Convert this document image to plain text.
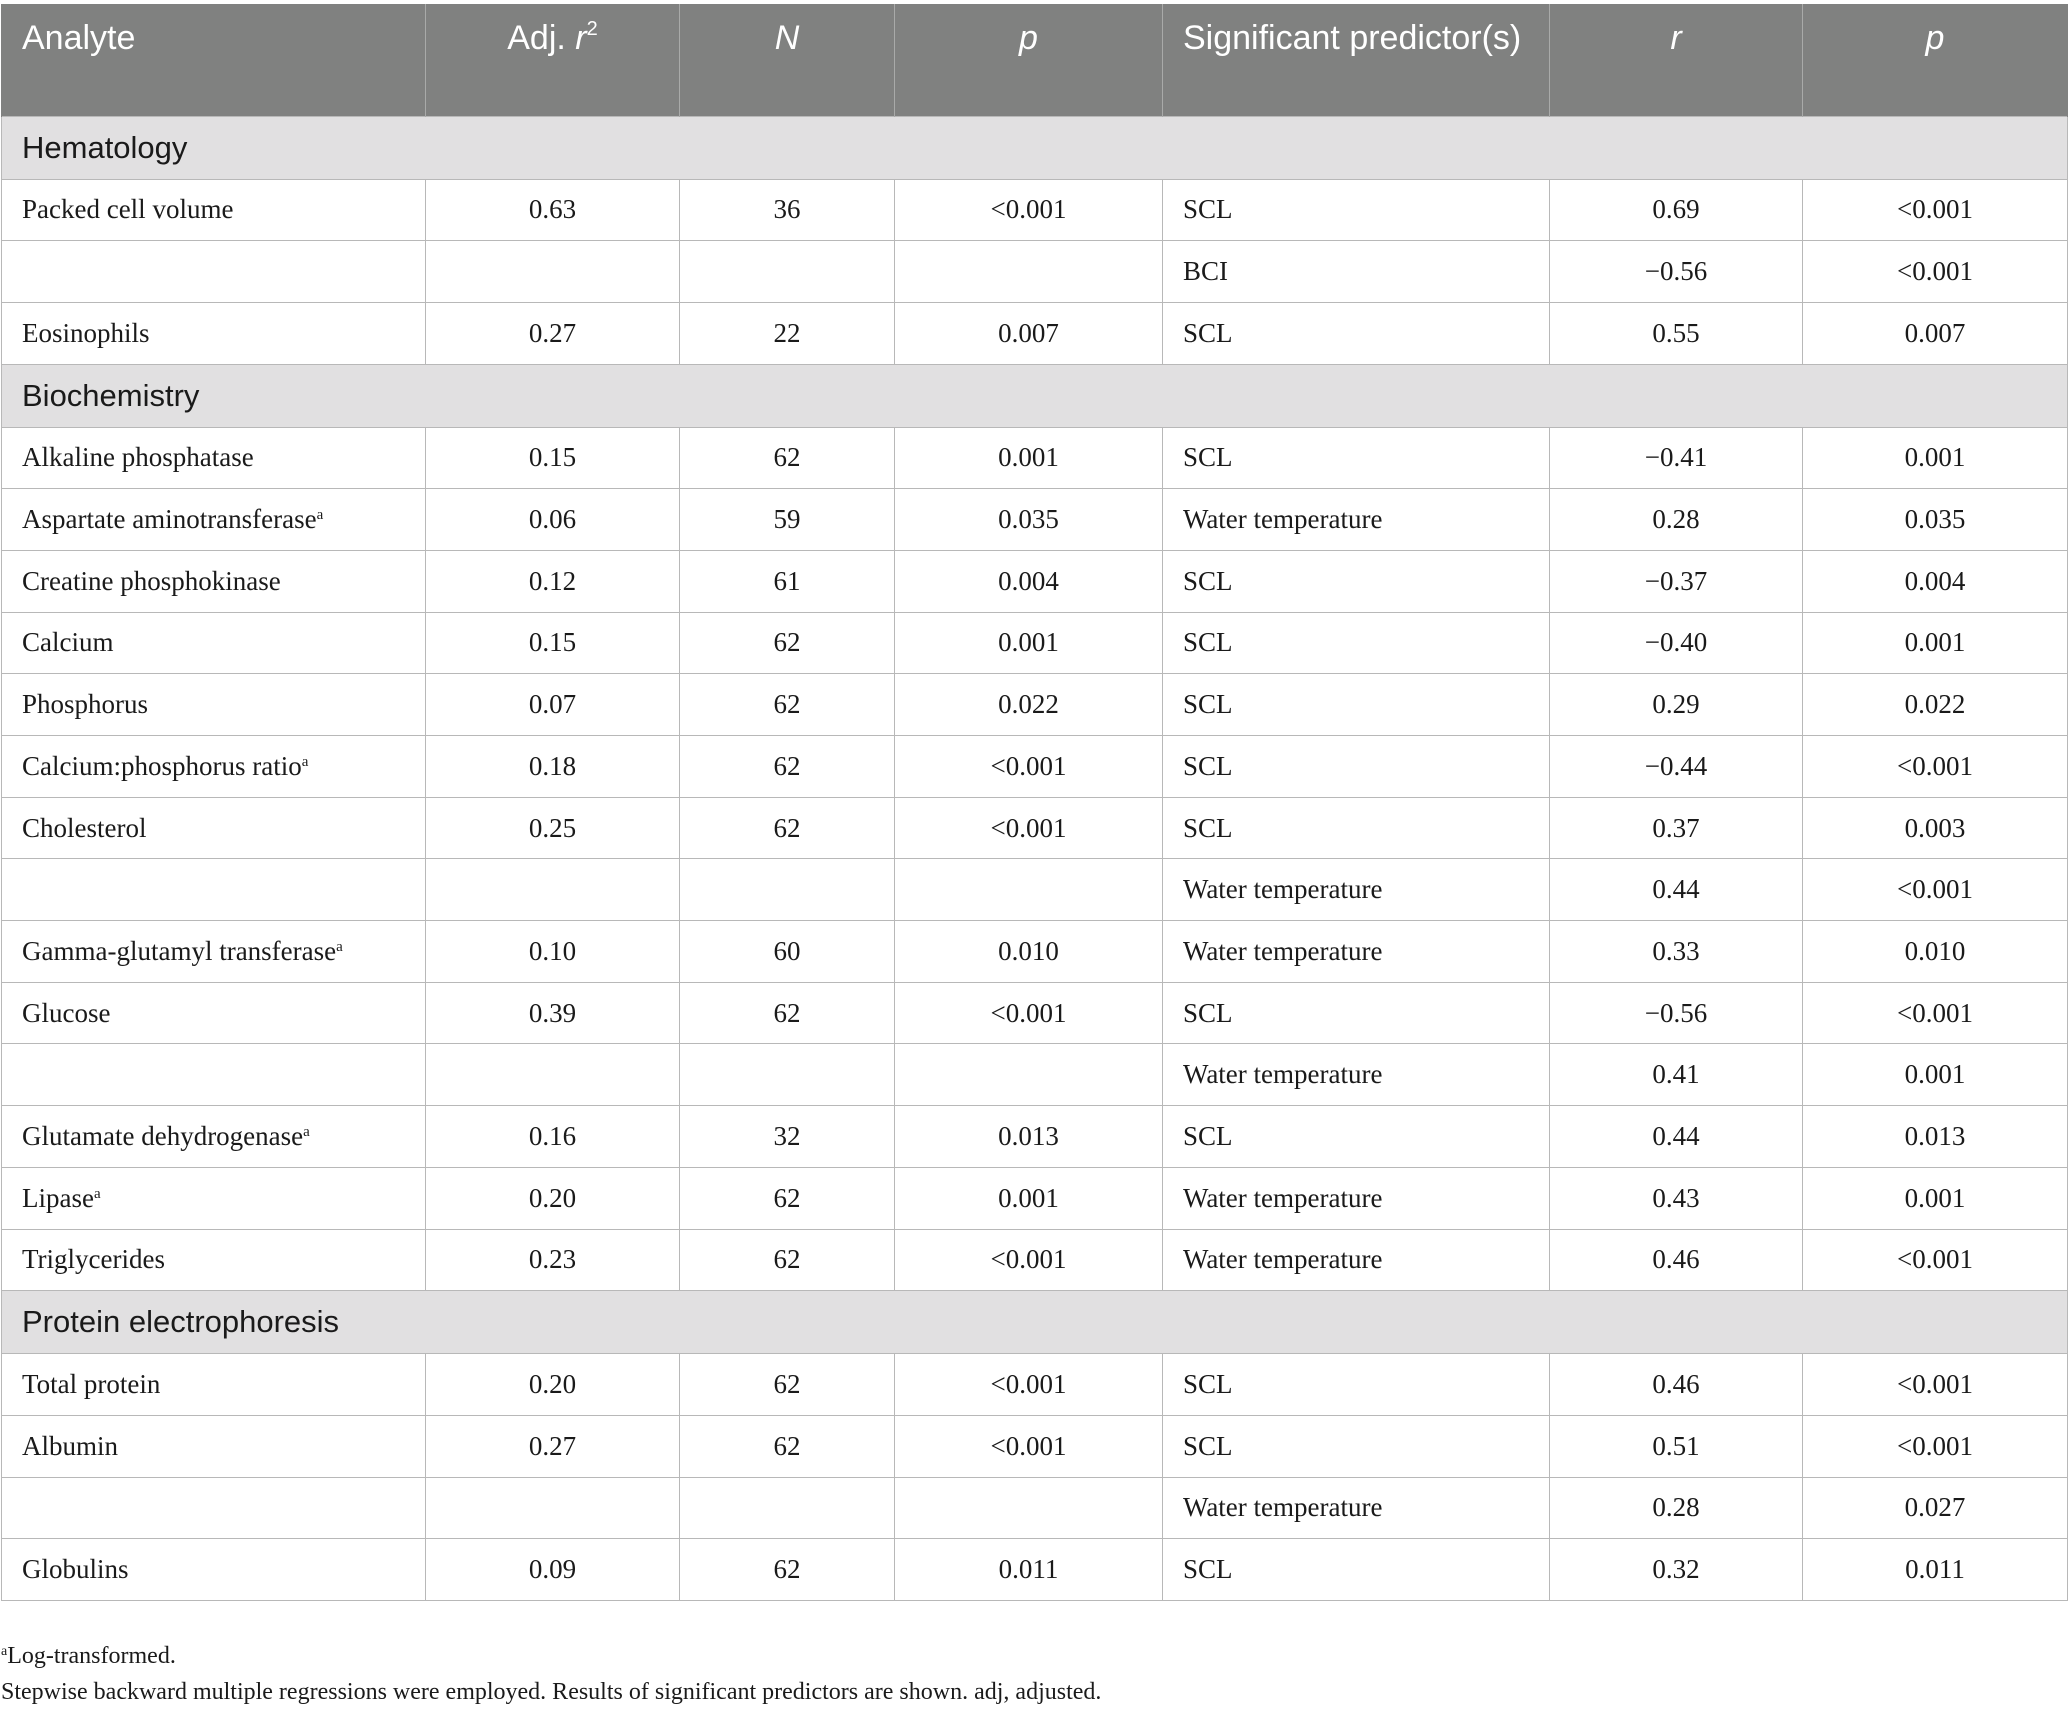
Analyte	Adj. $r^2$	N	p	Significant predictor(s)	r	p
Hematology						
Packed cell volume	0.63	36	<0.001	SCL	0.69	<0.001
				BCI	−0.56	<0.001
Eosinophils	0.27	22	0.007	SCL	0.55	0.007
Biochemistry						
Alkaline phosphatase	0.15	62	0.001	SCL	−0.41	0.001
Aspartate aminotransferase$^a$	0.06	59	0.035	Water temperature	0.28	0.035
Creatine phosphokinase	0.12	61	0.004	SCL	−0.37	0.004
Calcium	0.15	62	0.001	SCL	−0.40	0.001
Phosphorus	0.07	62	0.022	SCL	0.29	0.022
Calcium:phosphorus ratio$^a$	0.18	62	<0.001	SCL	−0.44	<0.001
Cholesterol	0.25	62	<0.001	SCL	0.37	0.003
				Water temperature	0.44	<0.001
Gamma-glutamyl transferase$^a$	0.10	60	0.010	Water temperature	0.33	0.010
Glucose	0.39	62	<0.001	SCL	−0.56	<0.001
				Water temperature	0.41	0.001
Glutamate dehydrogenase$^a$	0.16	32	0.013	SCL	0.44	0.013
Lipase$^a$	0.20	62	0.001	Water temperature	0.43	0.001
Triglycerides	0.23	62	<0.001	Water temperature	0.46	<0.001
Protein electrophoresis						
Total protein	0.20	62	<0.001	SCL	0.46	<0.001
Albumin	0.27	62	<0.001	SCL	0.51	<0.001
				Water temperature	0.28	0.027
Globulins	0.09	62	0.011	SCL	0.32	0.011

$^a$Log-transformed.

Stepwise backward multiple regressions were employed. Results of significant predictors are shown. adj, adjusted.
